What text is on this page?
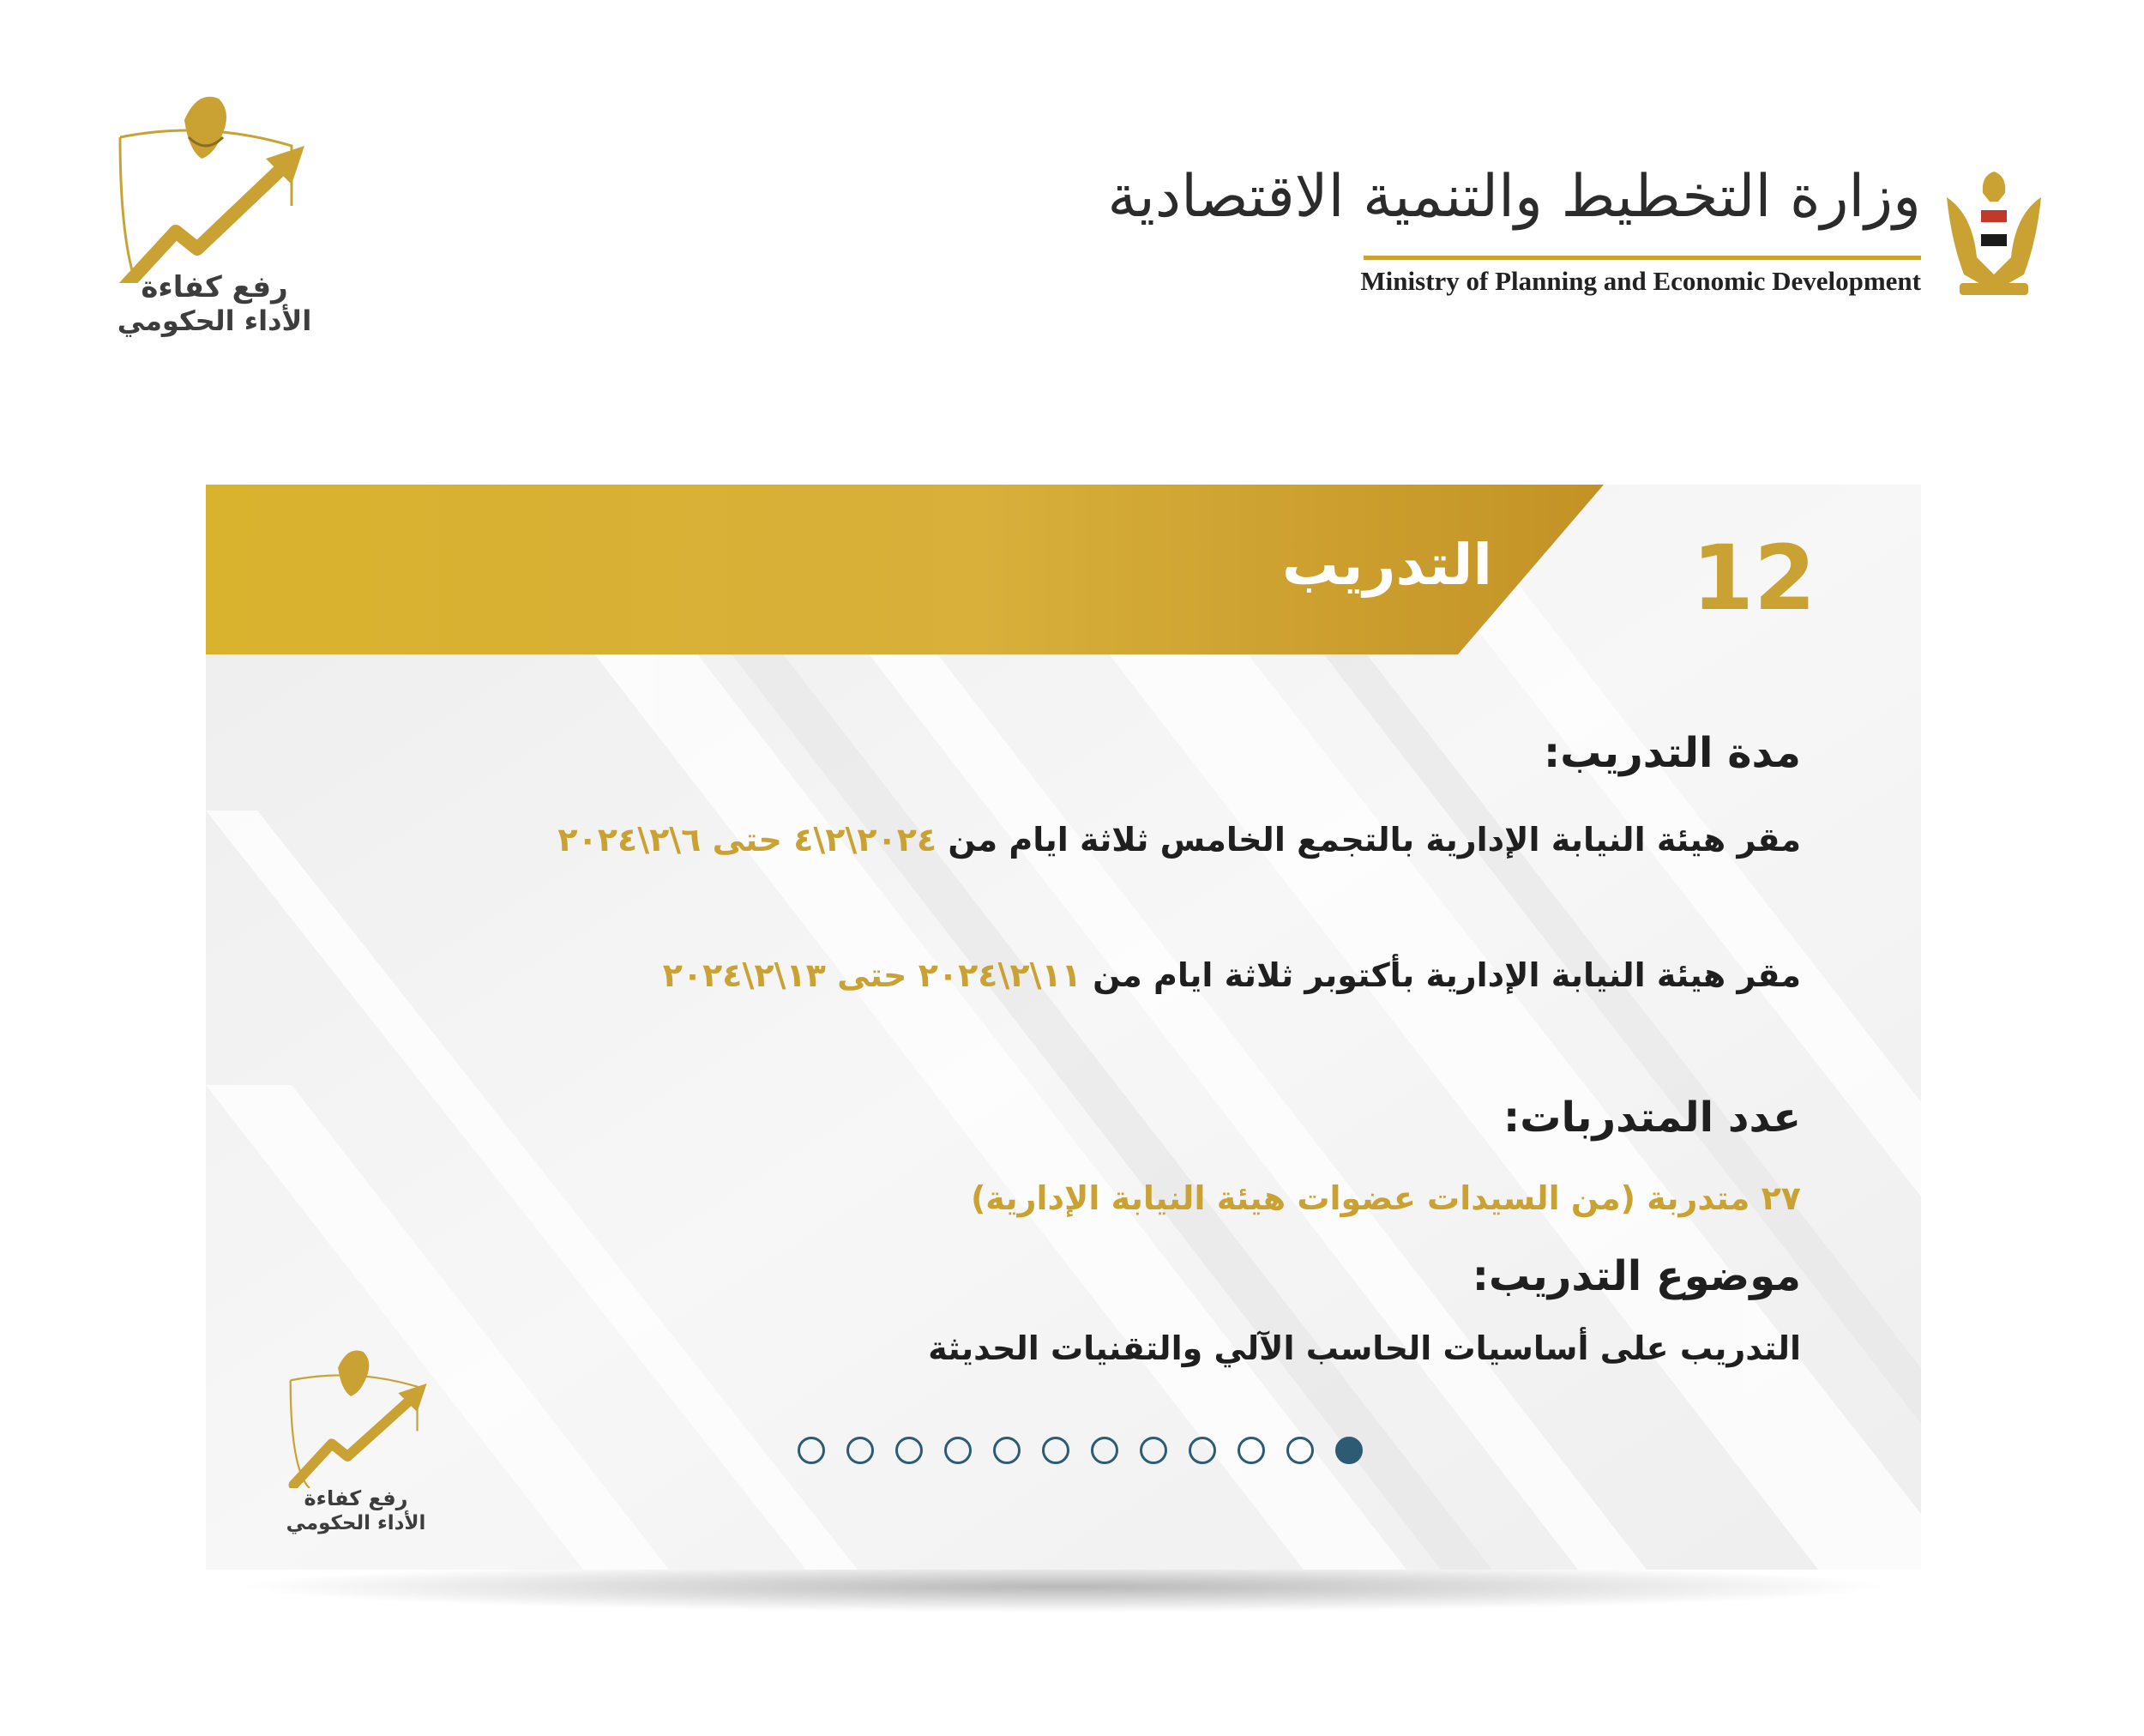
رفع كفاءة
الأداء الحكومي
وزارة التخطيط والتنمية الاقتصادية
Ministry of Planning and Economic Development
التدريب 12
مدة التدريب:
مقر هيئة النيابة الإدارية بالتجمع الخامس ثلاثة ايام من ٢٠٢٤\٢\٤ حتى ٦\٢\٢٠٢٤
مقر هيئة النيابة الإدارية بأكتوبر ثلاثة ايام من ١١\٢\٢٠٢٤ حتى ١٣\٢\٢٠٢٤
عدد المتدربات:
٢٧ متدربة (من السيدات عضوات هيئة النيابة الإدارية)
موضوع التدريب:
التدريب على أساسيات الحاسب الآلي والتقنيات الحديثة
رفع كفاءة
الأداء الحكومي
